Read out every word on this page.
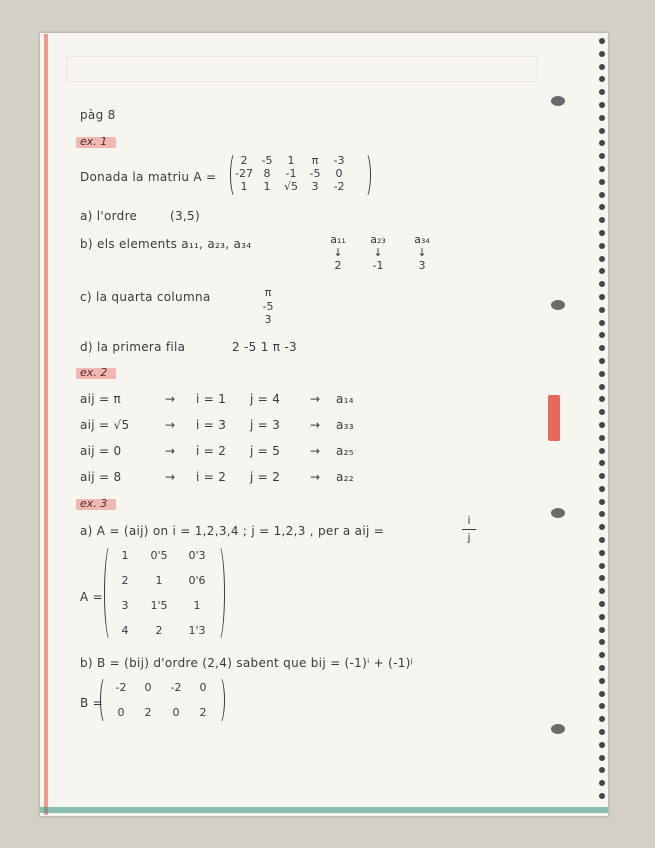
pàg 8
ex. 1
Donada la matriu A =
2	-5	1	π	-3
-27 8	-1	-5	0
1	1	√5	3	-2
a) l'ordre	(3,5)
b) els elements a₁₁, a₂₃, a₃₄	a₁₁
↓
2
a₂₃
↓
-1
a₃₄
↓
3
c) la quarta columna	π
-5
3
d) la primera fila	2 -5 1 π -3
ex. 2
aij = π	→ i = 1 j = 4 → a₁₄
aij = √5	→ i = 3 j = 3 → a₃₃
aij = 0	→ i = 2 j = 5 → a₂₅
aij = 8	→ i = 2 j = 2 → a₂₂
ex. 3
a) A = (aij) on i = 1,2,3,4 ; j = 1,2,3 , per a aij =
i
j
A =
1	0'5	0'3
2	1	0'6
3	1'5	1
4	2	1'3
b) B = (bij) d'ordre (2,4) sabent que bij = (-1)ⁱ + (-1)ʲ
B =
-2	0	-2	0
0	2	0	2
